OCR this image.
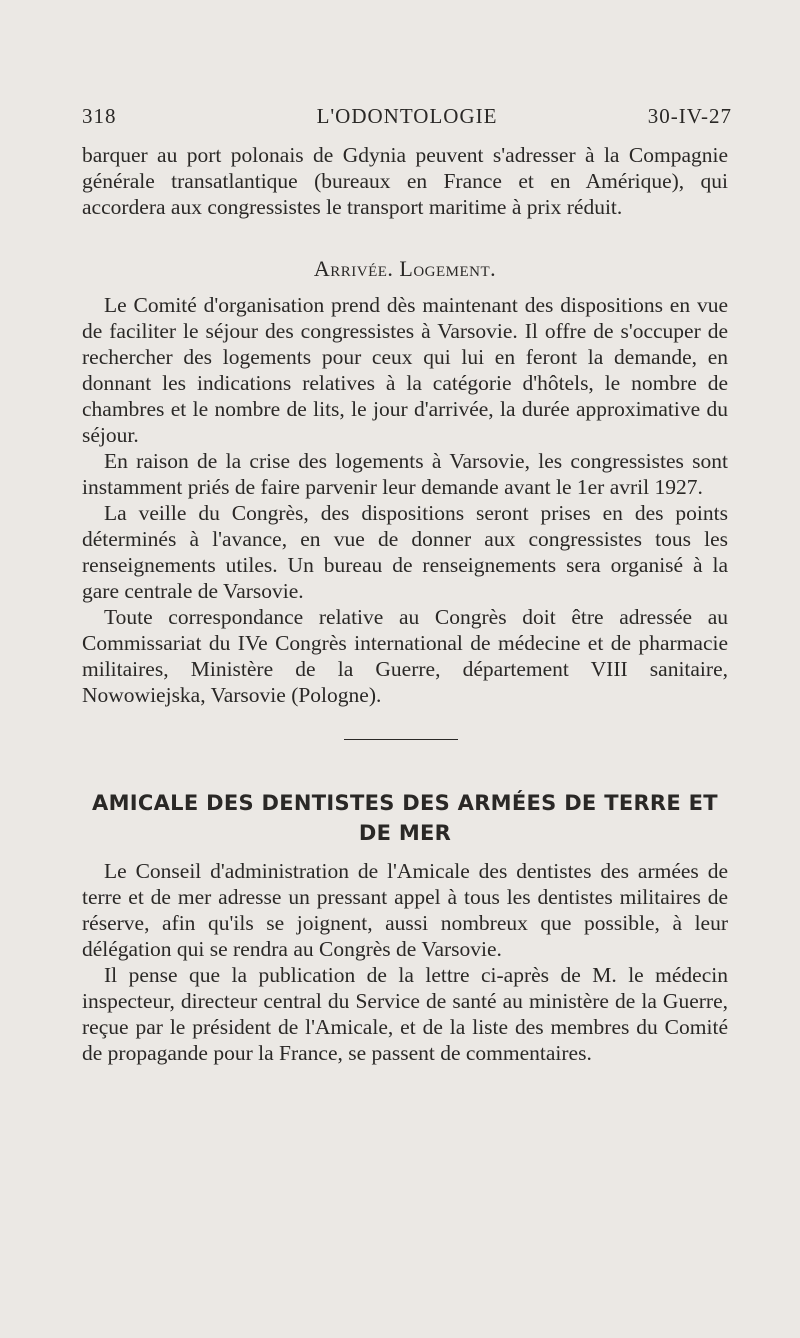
318	L'ODONTOLOGIE	30-IV-27

barquer au port polonais de Gdynia peuvent s'adresser à la Compagnie générale transatlantique (bureaux en France et en Amérique), qui accordera aux congressistes le transport maritime à prix réduit.

Arrivée. Logement.

Le Comité d'organisation prend dès maintenant des dispositions en vue de faciliter le séjour des congressistes à Varsovie. Il offre de s'occuper de rechercher des logements pour ceux qui lui en feront la demande, en donnant les indications relatives à la catégorie d'hôtels, le nombre de chambres et le nombre de lits, le jour d'arrivée, la durée approximative du séjour.

En raison de la crise des logements à Varsovie, les congressistes sont instamment priés de faire parvenir leur demande avant le 1er avril 1927.

La veille du Congrès, des dispositions seront prises en des points déterminés à l'avance, en vue de donner aux congressistes tous les renseignements utiles. Un bureau de renseignements sera organisé à la gare centrale de Varsovie.

Toute correspondance relative au Congrès doit être adressée au Commissariat du IVe Congrès international de médecine et de pharmacie militaires, Ministère de la Guerre, département VIII sanitaire, Nowowiejska, Varsovie (Pologne).

AMICALE DES DENTISTES DES ARMÉES DE TERRE ET DE MER

Le Conseil d'administration de l'Amicale des dentistes des armées de terre et de mer adresse un pressant appel à tous les dentistes militaires de réserve, afin qu'ils se joignent, aussi nombreux que possible, à leur délégation qui se rendra au Congrès de Varsovie.

Il pense que la publication de la lettre ci-après de M. le médecin inspecteur, directeur central du Service de santé au ministère de la Guerre, reçue par le président de l'Amicale, et de la liste des membres du Comité de propagande pour la France, se passent de commentaires.
